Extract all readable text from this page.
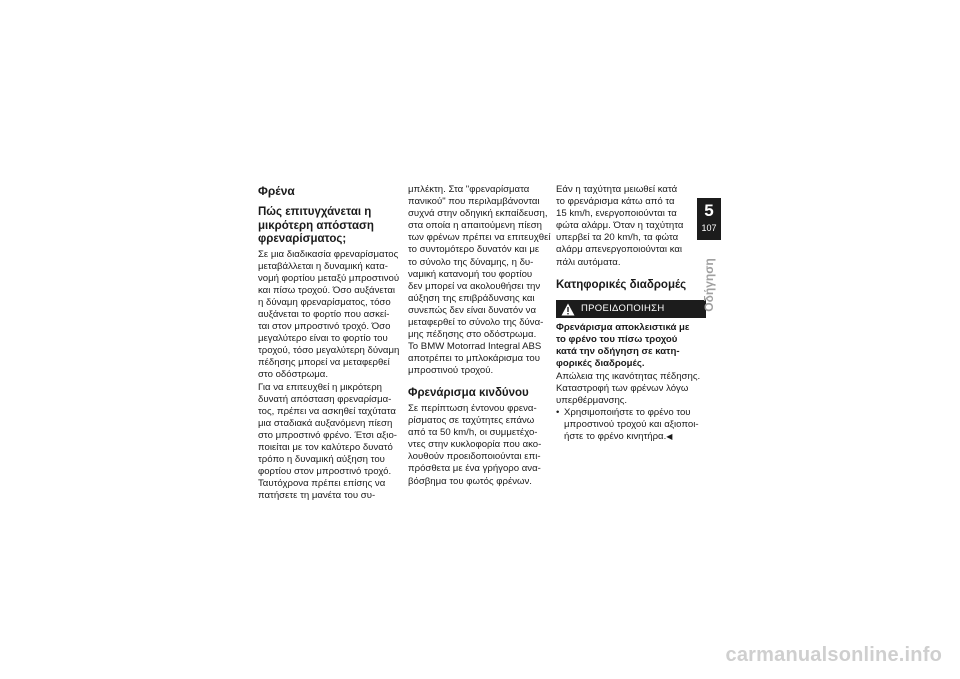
Φρένα
Πώς επιτυγχάνεται η
μικρότερη απόσταση
φρεναρίσματος;

Σε μια διαδικασία φρεναρίσματος
μεταβάλλεται η δυναμική κατα-
νομή φορτίου μεταξύ μπροστινού
και πίσω τροχού. Όσο αυξάνεται
η δύναμη φρεναρίσματος, τόσο
αυξάνεται το φορτίο που ασκεί-
ται στον μπροστινό τροχό. Όσο
μεγαλύτερο είναι το φορτίο του
τροχού, τόσο μεγαλύτερη δύναμη
πέδησης μπορεί να μεταφερθεί
στο οδόστρωμα.

Για να επιτευχθεί η μικρότερη
δυνατή απόσταση φρεναρίσμα-
τος, πρέπει να ασκηθεί ταχύτατα
μια σταδιακά αυξανόμενη πίεση
στο μπροστινό φρένο. Έτσι αξιο-
ποιείται με τον καλύτερο δυνατό
τρόπο η δυναμική αύξηση του
φορτίου στον μπροστινό τροχό.
Ταυτόχρονα πρέπει επίσης να
πατήσετε τη μανέτα του συ-

μπλέκτη. Στα "φρεναρίσματα
πανικού" που περιλαμβάνονται
συχνά στην οδηγική εκπαίδευση,
στα οποία η απαιτούμενη πίεση
των φρένων πρέπει να επιτευχθεί
το συντομότερο δυνατόν και με
το σύνολο της δύναμης, η δυ-
ναμική κατανομή του φορτίου
δεν μπορεί να ακολουθήσει την
αύξηση της επιβράδυνσης και
συνεπώς δεν είναι δυνατόν να
μεταφερθεί το σύνολο της δύνα-
μης πέδησης στο οδόστρωμα.

Το BMW Motorrad Integral ABS
αποτρέπει το μπλοκάρισμα του
μπροστινού τροχού.

Φρενάρισμα κινδύνου

Σε περίπτωση έντονου φρενα-
ρίσματος σε ταχύτητες επάνω
από τα 50 km/h, οι συμμετέχο-
ντες στην κυκλοφορία που ακο-
λουθούν προειδοποιούνται επι-
πρόσθετα με ένα γρήγορο ανα-
βόσβημα του φωτός φρένων.

Εάν η ταχύτητα μειωθεί κατά
το φρενάρισμα κάτω από τα
15 km/h, ενεργοποιούνται τα
φώτα αλάρμ. Όταν η ταχύτητα
υπερβεί τα 20 km/h, τα φώτα
αλάρμ απενεργοποιούνται και
πάλι αυτόματα.

Κατηφορικές διαδρομές
ΠΡΟΕΙΔΟΠΟΙΗΣΗ

Φρενάρισμα αποκλειστικά με
το φρένο του πίσω τροχού
κατά την οδήγηση σε κατη-
φορικές διαδρομές.

Απώλεια της ικανότητας πέδησης.
Καταστροφή των φρένων λόγω
υπερθέρμανσης.

• Χρησιμοποιήστε το φρένο του
μπροστινού τροχού και αξιοποι-
ήστε το φρένο κινητήρα.◀
5
107
Οδήγηση
carmanualsonline.info
